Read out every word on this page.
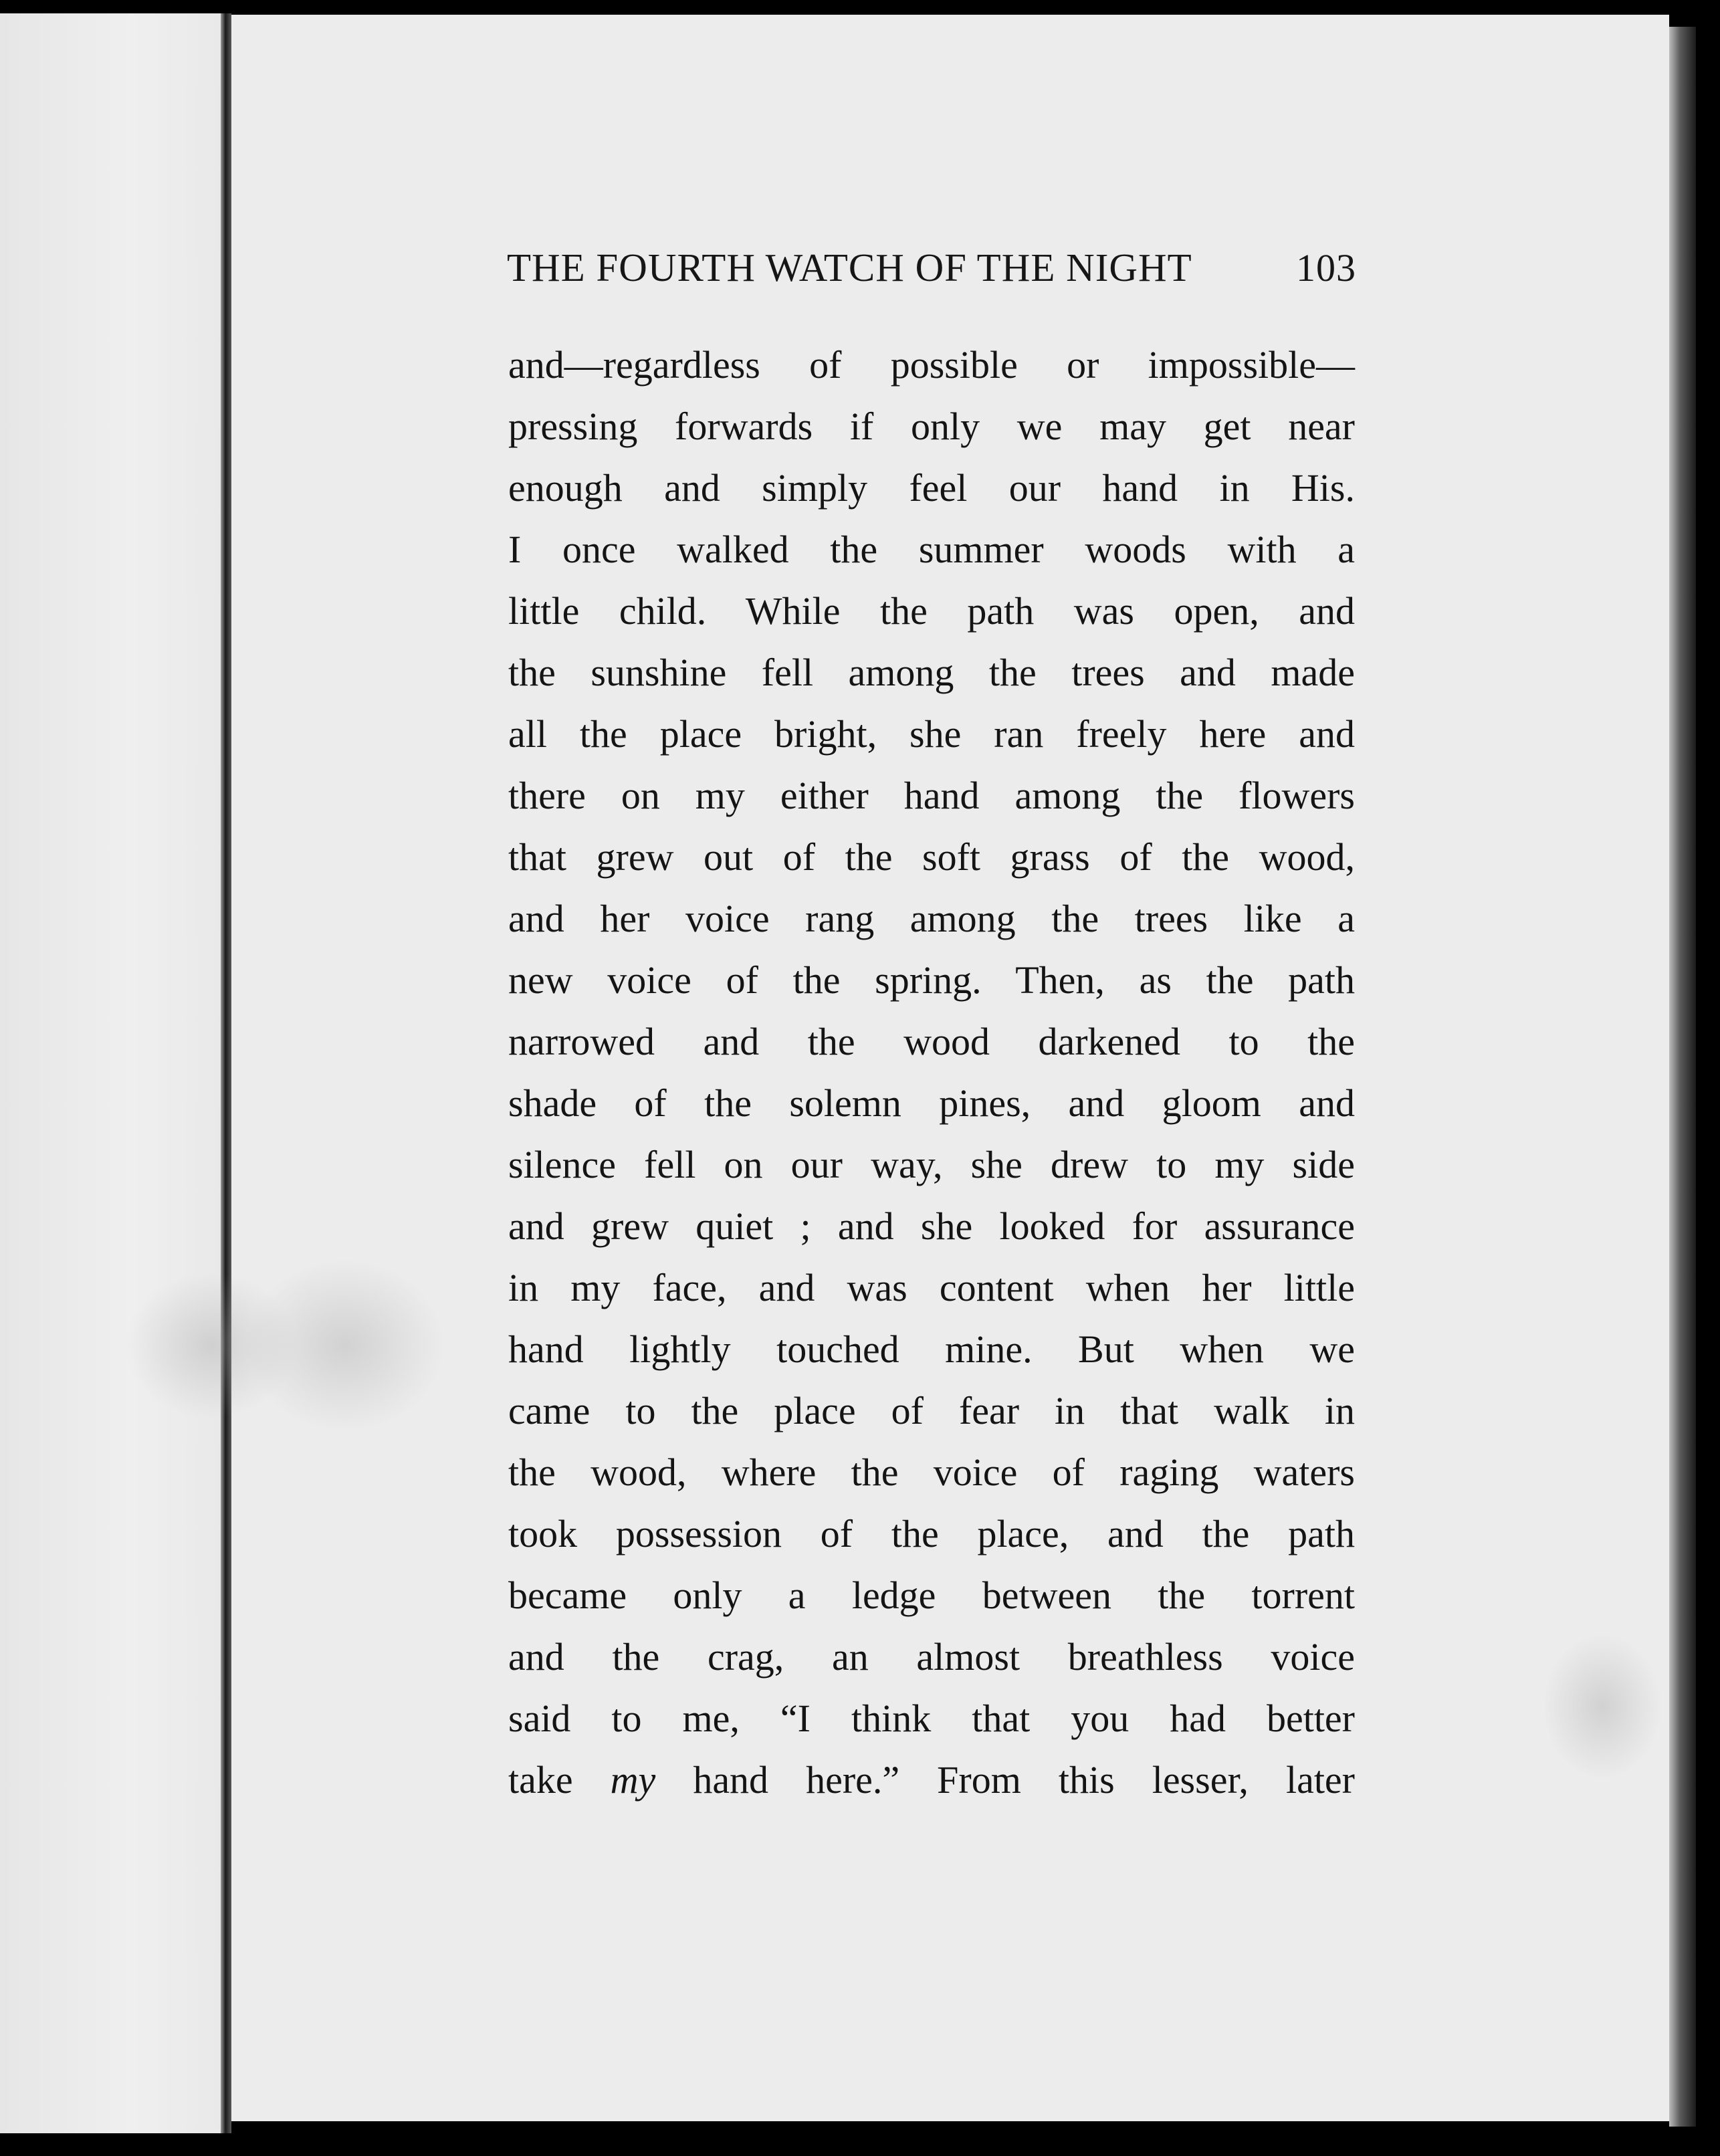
THE FOURTH WATCH OF THE NIGHT	103
and—regardless of possible or impossible—
pressing forwards if only we may get near
enough and simply feel our hand in His.
I once walked the summer woods with a
little child. While the path was open, and
the sunshine fell among the trees and made
all the place bright, she ran freely here and
there on my either hand among the flowers
that grew out of the soft grass of the wood,
and her voice rang among the trees like a
new voice of the spring. Then, as the path
narrowed and the wood darkened to the
shade of the solemn pines, and gloom and
silence fell on our way, she drew to my side
and grew quiet ; and she looked for assurance
in my face, and was content when her little
hand lightly touched mine. But when we
came to the place of fear in that walk in
the wood, where the voice of raging waters
took possession of the place, and the path
became only a ledge between the torrent
and the crag, an almost breathless voice
said to me, “I think that you had better
take my hand here.” From this lesser, later
